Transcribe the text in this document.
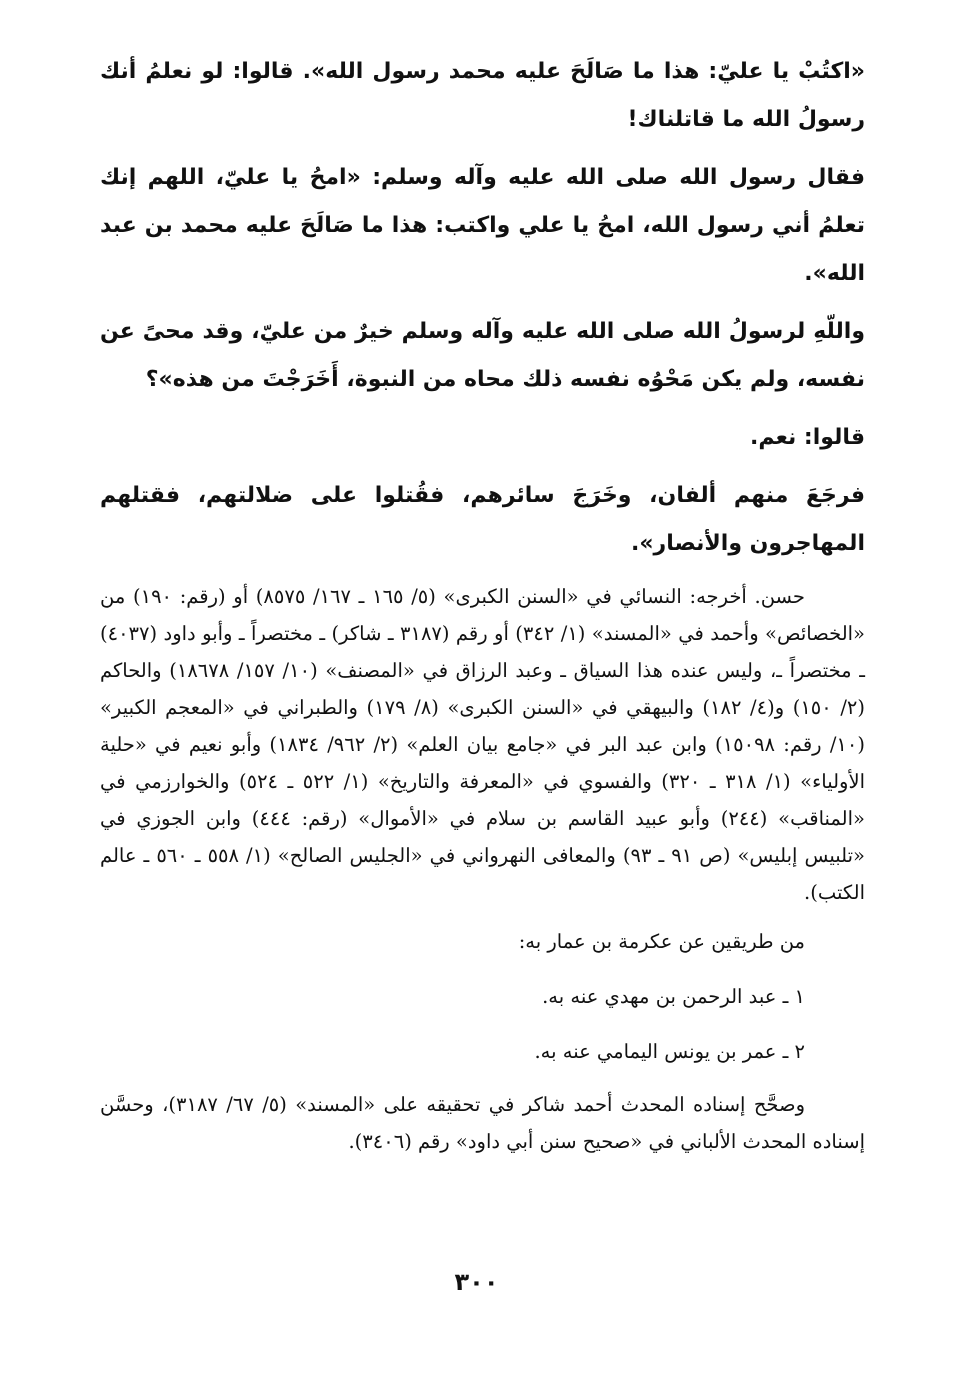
«اكتُبْ يا عليّ: هذا ما صَالَحَ عليه محمد رسول الله». قالوا: لو نعلمُ أنك رسولُ الله ما قاتلناك!

فقال رسول الله صلى الله عليه وآله وسلم: «امحُ يا عليّ، اللهم إنك تعلمُ أني رسول الله، امحُ يا علي واكتب: هذا ما صَالَحَ عليه محمد بن عبد الله».

واللّهِ لرسولُ الله صلى الله عليه وآله وسلم خيرٌ من عليّ، وقد محىً عن نفسه، ولم يكن مَحْوُه نفسه ذلك محاه من النبوة، أَخَرَجْتَ من هذه»؟

قالوا: نعم.

فرجَعَ منهم ألفان، وخَرَجَ سائرهم، فقُتلوا على ضلالتهم، فقتلهم المهاجرون والأنصار».

حسن. أخرجه: النسائي في «السنن الكبرى» (٥/ ١٦٥ ـ ١٦٧/ ٨٥٧٥) أو (رقم: ١٩٠) من «الخصائص» وأحمد في «المسند» (١/ ٣٤٢) أو رقم (٣١٨٧ ـ شاكر) ـ مختصراً ـ وأبو داود (٤٠٣٧) ـ مختصراً ـ، وليس عنده هذا السياق ـ وعبد الرزاق في «المصنف» (١٠/ ١٥٧/ ١٨٦٧٨) والحاكم (٢/ ١٥٠) و(٤/ ١٨٢) والبيهقي في «السنن الكبرى» (٨/ ١٧٩) والطبراني في «المعجم الكبير» (١٠/ رقم: ١٥٠٩٨) وابن عبد البر في «جامع بيان العلم» (٢/ ٩٦٢/ ١٨٣٤) وأبو نعيم في «حلية الأولياء» (١/ ٣١٨ ـ ٣٢٠) والفسوي في «المعرفة والتاريخ» (١/ ٥٢٢ ـ ٥٢٤) والخوارزمي في «المناقب» (٢٤٤) وأبو عبيد القاسم بن سلام في «الأموال» (رقم: ٤٤٤) وابن الجوزي في «تلبيس إبليس» (ص ٩١ ـ ٩٣) والمعافى النهرواني في «الجليس الصالح» (١/ ٥٥٨ ـ ٥٦٠ ـ عالم الكتب).

من طريقين عن عكرمة بن عمار به:

١ ـ عبد الرحمن بن مهدي عنه به.

٢ ـ عمر بن يونس اليمامي عنه به.

وصحَّح إسناده المحدث أحمد شاكر في تحقيقه على «المسند» (٥/ ٦٧/ ٣١٨٧)، وحسَّن إسناده المحدث الألباني في «صحيح سنن أبي داود» رقم (٣٤٠٦).

٣٠٠
